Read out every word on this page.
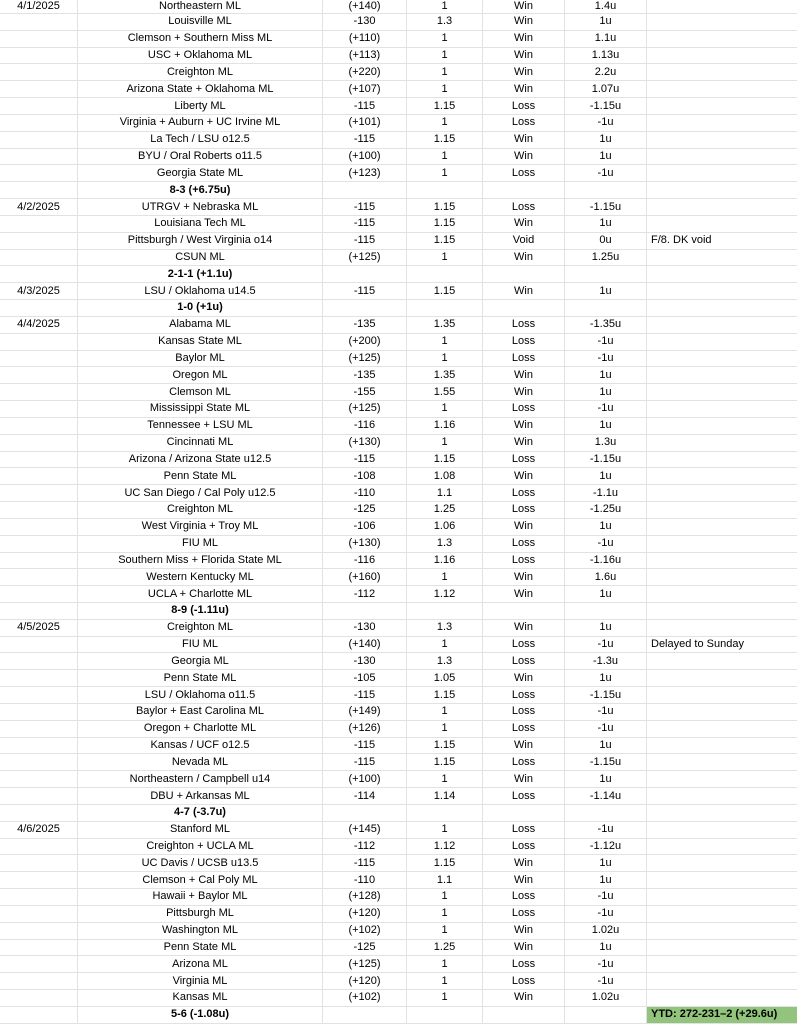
4/1/2025	Northeastern ML	(+140)	1	Win	1.4u
Louisville ML	-130	1.3	Win	1u
Clemson + Southern Miss ML	(+110)	1	Win	1.1u
USC + Oklahoma ML	(+113)	1	Win	1.13u
Creighton ML	(+220)	1	Win	2.2u
Arizona State + Oklahoma ML	(+107)	1	Win	1.07u
Liberty ML	-115	1.15	Loss	-1.15u
Virginia + Auburn + UC Irvine ML	(+101)	1	Loss	-1u
La Tech / LSU o12.5	-115	1.15	Win	1u
BYU / Oral Roberts o11.5	(+100)	1	Win	1u
Georgia State ML	(+123)	1	Loss	-1u
8-3 (+6.75u)
4/2/2025	UTRGV + Nebraska ML	-115	1.15	Loss	-1.15u
Louisiana Tech ML	-115	1.15	Win	1u
Pittsburgh / West Virginia o14	-115	1.15	Void	0u	F/8. DK void
CSUN ML	(+125)	1	Win	1.25u
2-1-1 (+1.1u)
4/3/2025	LSU / Oklahoma u14.5	-115	1.15	Win	1u
1-0 (+1u)
4/4/2025	Alabama ML	-135	1.35	Loss	-1.35u
Kansas State ML	(+200)	1	Loss	-1u
Baylor ML	(+125)	1	Loss	-1u
Oregon ML	-135	1.35	Win	1u
Clemson ML	-155	1.55	Win	1u
Mississippi State ML	(+125)	1	Loss	-1u
Tennessee + LSU ML	-116	1.16	Win	1u
Cincinnati ML	(+130)	1	Win	1.3u
Arizona / Arizona State u12.5	-115	1.15	Loss	-1.15u
Penn State ML	-108	1.08	Win	1u
UC San Diego / Cal Poly u12.5	-110	1.1	Loss	-1.1u
Creighton ML	-125	1.25	Loss	-1.25u
West Virginia + Troy ML	-106	1.06	Win	1u
FIU ML	(+130)	1.3	Loss	-1u
Southern Miss + Florida State ML	-116	1.16	Loss	-1.16u
Western Kentucky ML	(+160)	1	Win	1.6u
UCLA + Charlotte ML	-112	1.12	Win	1u
8-9 (-1.11u)
4/5/2025	Creighton ML	-130	1.3	Win	1u
FIU ML	(+140)	1	Loss	-1u	Delayed to Sunday
Georgia ML	-130	1.3	Loss	-1.3u
Penn State ML	-105	1.05	Win	1u
LSU / Oklahoma o11.5	-115	1.15	Loss	-1.15u
Baylor + East Carolina ML	(+149)	1	Loss	-1u
Oregon + Charlotte ML	(+126)	1	Loss	-1u
Kansas / UCF o12.5	-115	1.15	Win	1u
Nevada ML	-115	1.15	Loss	-1.15u
Northeastern / Campbell u14	(+100)	1	Win	1u
DBU + Arkansas ML	-114	1.14	Loss	-1.14u
4-7 (-3.7u)
4/6/2025	Stanford ML	(+145)	1	Loss	-1u
Creighton + UCLA ML	-112	1.12	Loss	-1.12u
UC Davis / UCSB u13.5	-115	1.15	Win	1u
Clemson + Cal Poly ML	-110	1.1	Win	1u
Hawaii + Baylor ML	(+128)	1	Loss	-1u
Pittsburgh ML	(+120)	1	Loss	-1u
Washington ML	(+102)	1	Win	1.02u
Penn State ML	-125	1.25	Win	1u
Arizona ML	(+125)	1	Loss	-1u
Virginia ML	(+120)	1	Loss	-1u
Kansas ML	(+102)	1	Win	1.02u
5-6 (-1.08u)	YTD: 272-231–2 (+29.6u)
